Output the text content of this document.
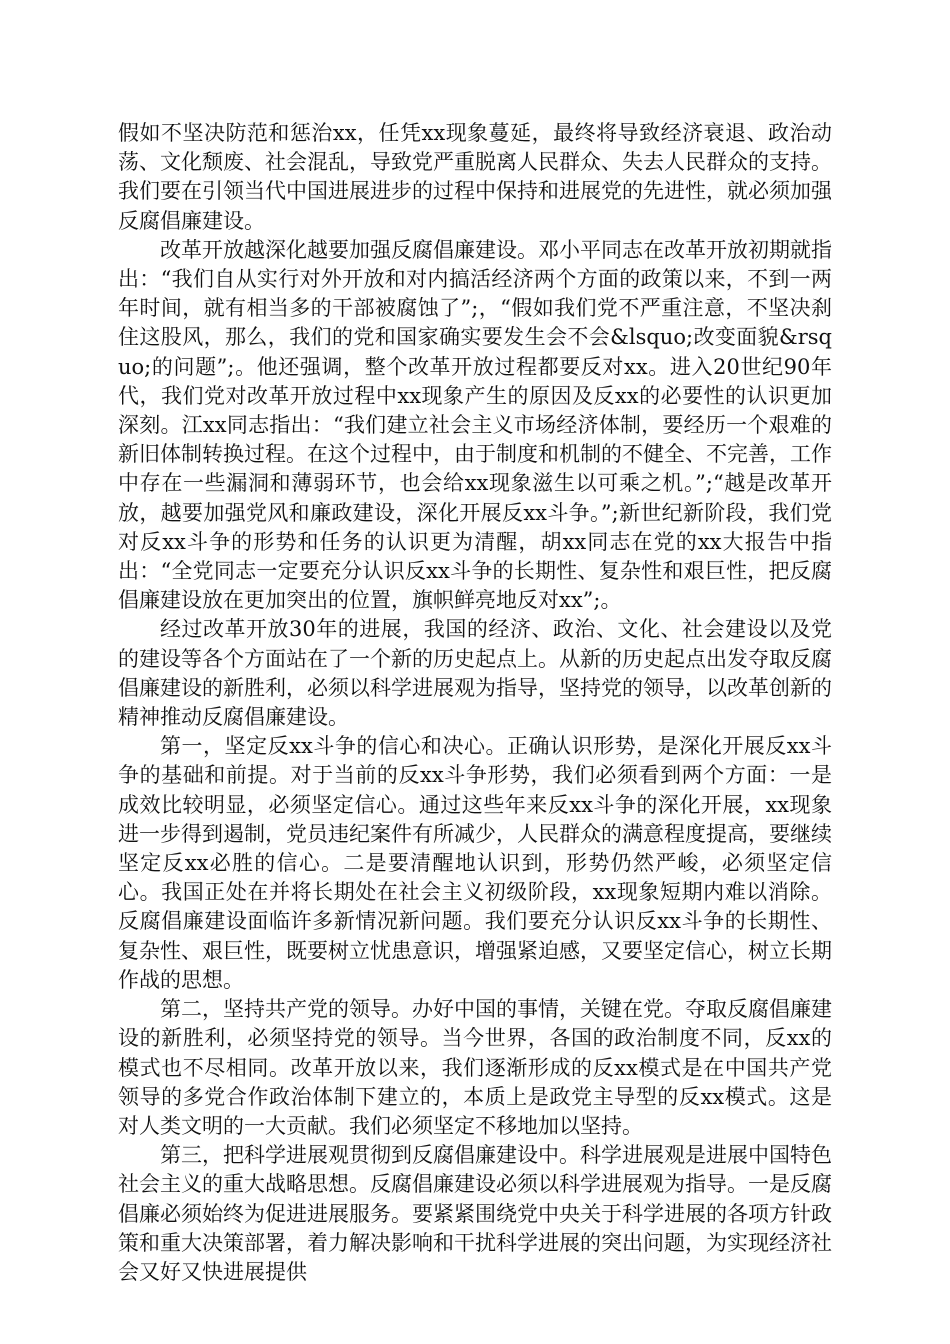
假如不坚决防范和惩治xx，任凭xx现象蔓延，最终将导致经济衰退、政治动荡、文化颓废、社会混乱，导致党严重脱离人民群众、失去人民群众的支持。我们要在引领当代中国进展进步的过程中保持和进展党的先进性，就必须加强反腐倡廉建设。

改革开放越深化越要加强反腐倡廉建设。邓小平同志在改革开放初期就指出：“我们自从实行对外开放和对内搞活经济两个方面的政策以来，不到一两年时间，就有相当多的干部被腐蚀了”;，“假如我们党不严重注意，不坚决刹住这股风，那么，我们的党和国家确实要发生会不会&lsquo;改变面貌&rsquo;的问题”;。他还强调，整个改革开放过程都要反对xx。进入20世纪90年代，我们党对改革开放过程中xx现象产生的原因及反xx的必要性的认识更加深刻。江xx同志指出：“我们建立社会主义市场经济体制，要经历一个艰难的新旧体制转换过程。在这个过程中，由于制度和机制的不健全、不完善，工作中存在一些漏洞和薄弱环节，也会给xx现象滋生以可乘之机。”;“越是改革开放，越要加强党风和廉政建设，深化开展反xx斗争。”;新世纪新阶段，我们党对反xx斗争的形势和任务的认识更为清醒，胡xx同志在党的xx大报告中指出：“全党同志一定要充分认识反xx斗争的长期性、复杂性和艰巨性，把反腐倡廉建设放在更加突出的位置，旗帜鲜亮地反对xx”;。

经过改革开放30年的进展，我国的经济、政治、文化、社会建设以及党的建设等各个方面站在了一个新的历史起点上。从新的历史起点出发夺取反腐倡廉建设的新胜利，必须以科学进展观为指导，坚持党的领导，以改革创新的精神推动反腐倡廉建设。

第一，坚定反xx斗争的信心和决心。正确认识形势，是深化开展反xx斗争的基础和前提。对于当前的反xx斗争形势，我们必须看到两个方面：一是成效比较明显，必须坚定信心。通过这些年来反xx斗争的深化开展，xx现象进一步得到遏制，党员违纪案件有所减少，人民群众的满意程度提高，要继续坚定反xx必胜的信心。二是要清醒地认识到，形势仍然严峻，必须坚定信心。我国正处在并将长期处在社会主义初级阶段，xx现象短期内难以消除。反腐倡廉建设面临许多新情况新问题。我们要充分认识反xx斗争的长期性、复杂性、艰巨性，既要树立忧患意识，增强紧迫感，又要坚定信心，树立长期作战的思想。

第二，坚持共产党的领导。办好中国的事情，关键在党。夺取反腐倡廉建设的新胜利，必须坚持党的领导。当今世界，各国的政治制度不同，反xx的模式也不尽相同。改革开放以来，我们逐渐形成的反xx模式是在中国共产党领导的多党合作政治体制下建立的，本质上是政党主导型的反xx模式。这是对人类文明的一大贡献。我们必须坚定不移地加以坚持。

第三，把科学进展观贯彻到反腐倡廉建设中。科学进展观是进展中国特色社会主义的重大战略思想。反腐倡廉建设必须以科学进展观为指导。一是反腐倡廉必须始终为促进进展服务。要紧紧围绕党中央关于科学进展的各项方针政策和重大决策部署，着力解决影响和干扰科学进展的突出问题，为实现经济社会又好又快进展提供
